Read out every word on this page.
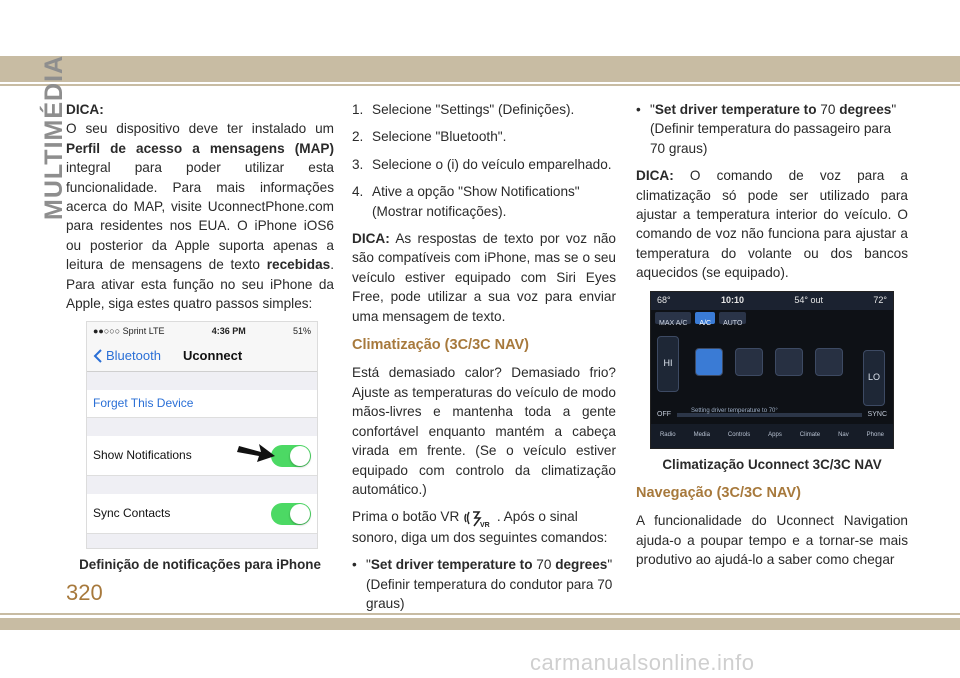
MULTIMÉDIA
DICA:

O seu dispositivo deve ter instalado um Perfil de acesso a mensagens (MAP) integral para poder utilizar esta funcionalidade. Para mais informações acerca do MAP, visite UconnectPhone.com para residentes nos EUA. O iPhone iOS6 ou posterior da Apple suporta apenas a leitura de mensagens de texto recebidas. Para ativar esta função no seu iPhone da Apple, siga estes quatro passos simples:

●●○○○ Sprint LTE	4:36 PM	51%
Bluetooth Uconnect
Forget This Device
Show Notifications
Sync Contacts
Definição de notificações para iPhone
1. Selecione "Settings" (Definições).
2. Selecione "Bluetooth".
3. Selecione o (i) do veículo emparelhado.
4. Ative a opção "Show Notifications" (Mostrar notificações).

DICA: As respostas de texto por voz não são compatíveis com iPhone, mas se o seu veículo estiver equipado com Siri Eyes Free, pode utilizar a sua voz para enviar uma mensagem de texto.

Climatização (3C/3C NAV)

Está demasiado calor? Demasiado frio? Ajuste as temperaturas do veículo de modo mãos-livres e mantenha toda a gente confortável enquanto mantém a cabeça virada em frente. (Se o veículo estiver equipado com controlo da climatização automático.)

Prima o botão VR
VR
. Após o sinal sonoro, diga um dos seguintes comandos:

• "Set driver temperature to 70 degrees" (Definir temperatura do condutor para 70 graus)
• "Set driver temperature to 70 degrees" (Definir temperatura do passageiro para 70 graus)

DICA: O comando de voz para a climatização só pode ser utilizado para ajustar a temperatura interior do veículo. O comando de voz não funciona para ajustar a temperatura do volante ou dos bancos aquecidos (se equipado).

68°	10:10	54° out	72°
MAX A/C	A/C	AUTO
HI
LO
OFF	SYNC
Setting driver temperature to 70°
Radio	Media	Controls	Apps	Climate	Nav	Phone
Climatização Uconnect 3C/3C NAV
Navegação (3C/3C NAV)

A funcionalidade do Uconnect Navigation ajuda-o a poupar tempo e a tornar-se mais produtivo ao ajudá-lo a saber como chegar

320
carmanualsonline.info
